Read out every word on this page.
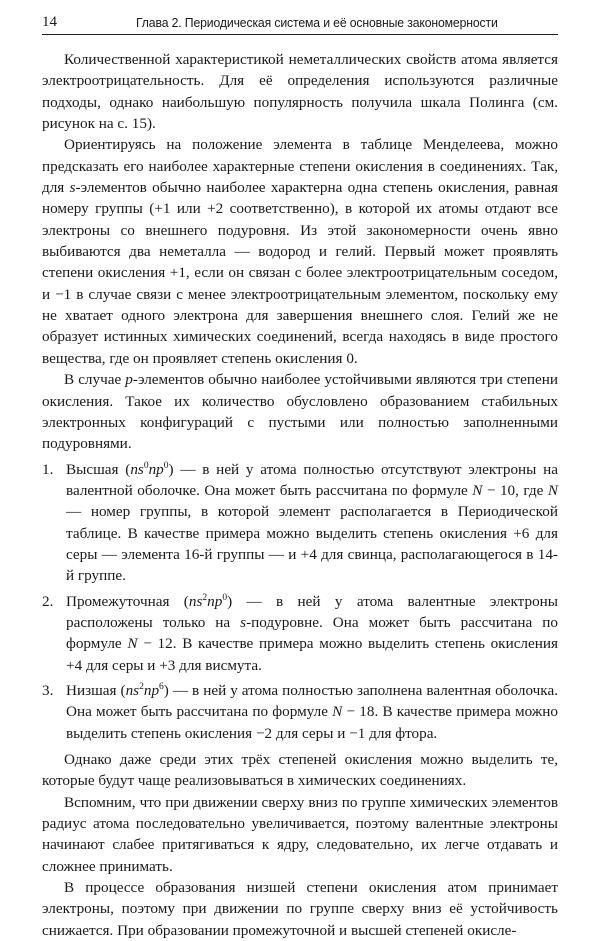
14	Глава 2. Периодическая система и её основные закономерности

Количественной характеристикой неметаллических свойств атома является электроотрицательность. Для её определения используются различные подходы, однако наибольшую популярность получила шкала Полинга (см. рисунок на с. 15).

Ориентируясь на положение элемента в таблице Менделеева, можно предсказать его наиболее характерные степени окисления в соединениях. Так, для s-элементов обычно наиболее характерна одна степень окисления, равная номеру группы (+1 или +2 соответственно), в которой их атомы отдают все электроны со внешнего подуровня. Из этой закономерности очень явно выбиваются два неметалла — водород и гелий. Первый может проявлять степени окисления +1, если он связан с более электроотрицательным соседом, и −1 в случае связи с менее электроотрицательным элементом, поскольку ему не хватает одного электрона для завершения внешнего слоя. Гелий же не образует истинных химических соединений, всегда находясь в виде простого вещества, где он проявляет степень окисления 0.

В случае p-элементов обычно наиболее устойчивыми являются три степени окисления. Такое их количество обусловлено образованием стабильных электронных конфигураций с пустыми или полностью заполненными подуровнями.

1. Высшая $(ns^0np^0)$ — в ней у атома полностью отсутствуют электроны на валентной оболочке. Она может быть рассчитана по формуле N − 10, где N — номер группы, в которой элемент располагается в Периодической таблице. В качестве примера можно выделить степень окисления +6 для серы — элемента 16-й группы — и +4 для свинца, располагающегося в 14-й группе.
2. Промежуточная $(ns^2np^0)$ — в ней у атома валентные электроны расположены только на s-подуровне. Она может быть рассчитана по формуле N − 12. В качестве примера можно выделить степень окисления +4 для серы и +3 для висмута.
3. Низшая $(ns^2np^6)$ — в ней у атома полностью заполнена валентная оболочка. Она может быть рассчитана по формуле N − 18. В качестве примера можно выделить степень окисления −2 для серы и −1 для фтора.

Однако даже среди этих трёх степеней окисления можно выделить те, которые будут чаще реализовываться в химических соединениях.

Вспомним, что при движении сверху вниз по группе химических элементов радиус атома последовательно увеличивается, поэтому валентные электроны начинают слабее притягиваться к ядру, следовательно, их легче отдавать и сложнее принимать.

В процессе образования низшей степени окисления атом принимает электроны, поэтому при движении по группе сверху вниз её устойчивость снижается. При образовании промежуточной и высшей степеней окисле-
